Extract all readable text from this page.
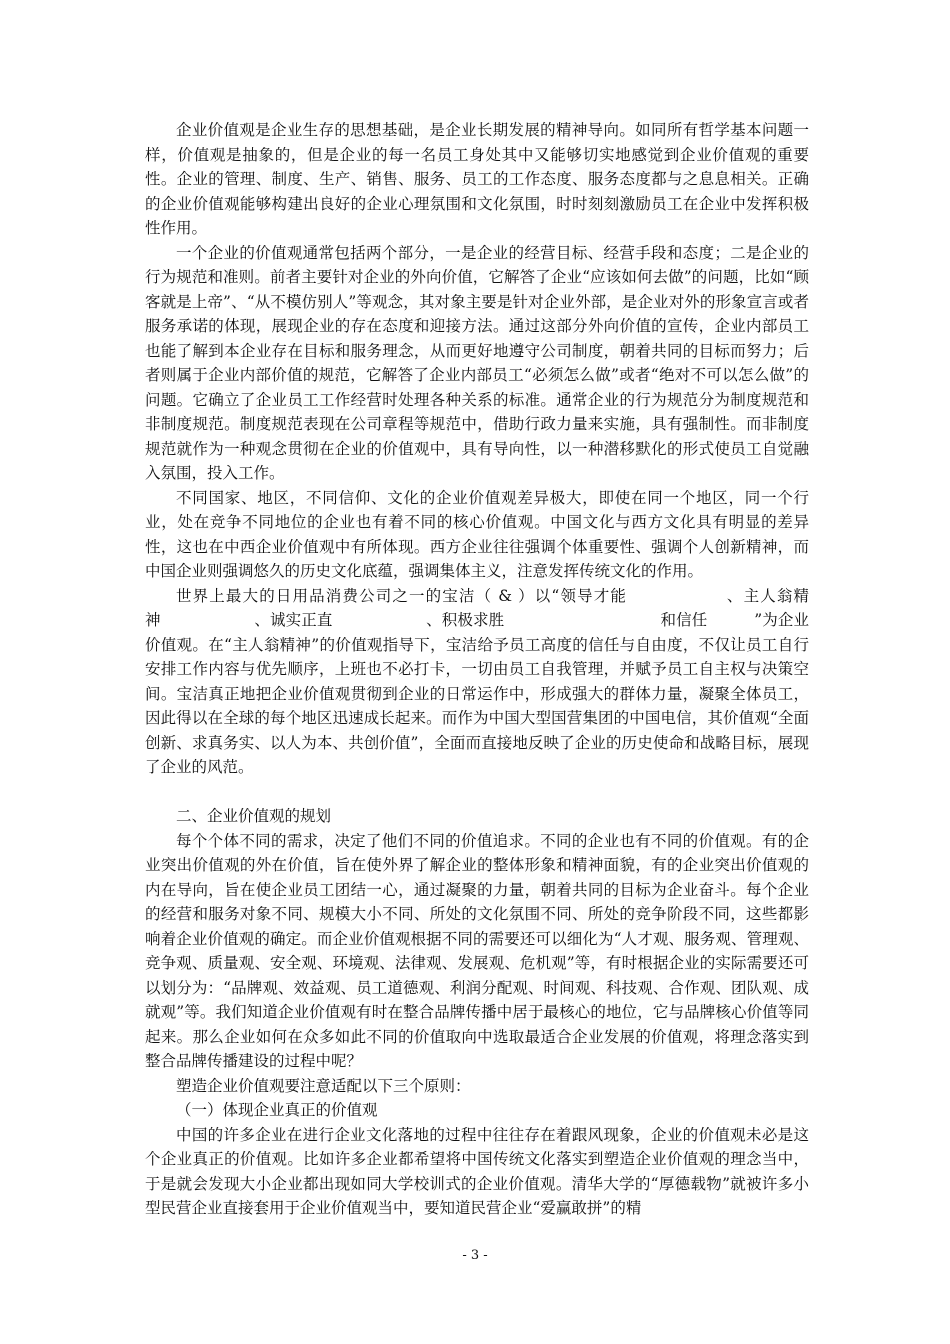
企业价值观是企业生存的思想基础，是企业长期发展的精神导向。如同所有哲学基本问题一样，价值观是抽象的，但是企业的每一名员工身处其中又能够切实地感觉到企业价值观的重要性。企业的管理、制度、生产、销售、服务、员工的工作态度、服务态度都与之息息相关。正确的企业价值观能够构建出良好的企业心理氛围和文化氛围，时时刻刻激励员工在企业中发挥积极性作用。

一个企业的价值观通常包括两个部分，一是企业的经营目标、经营手段和态度；二是企业的行为规范和准则。前者主要针对企业的外向价值，它解答了企业“应该如何去做”的问题，比如“顾客就是上帝”、“从不模仿别人”等观念，其对象主要是针对企业外部，是企业对外的形象宣言或者服务承诺的体现，展现企业的存在态度和迎接方法。通过这部分外向价值的宣传，企业内部员工也能了解到本企业存在目标和服务理念，从而更好地遵守公司制度，朝着共同的目标而努力；后者则属于企业内部价值的规范，它解答了企业内部员工“必须怎么做”或者“绝对不可以怎么做”的问题。它确立了企业员工工作经营时处理各种关系的标准。通常企业的行为规范分为制度规范和非制度规范。制度规范表现在公司章程等规范中，借助行政力量来实施，具有强制性。而非制度规范就作为一种观念贯彻在企业的价值观中，具有导向性，以一种潜移默化的形式使员工自觉融入氛围，投入工作。

不同国家、地区，不同信仰、文化的企业价值观差异极大，即使在同一个地区，同一个行业，处在竞争不同地位的企业也有着不同的核心价值观。中国文化与西方文化具有明显的差异性，这也在中西企业价值观中有所体现。西方企业往往强调个体重要性、强调个人创新精神，而中国企业则强调悠久的历史文化底蕴，强调集体主义，注意发挥传统文化的作用。

世界上最大的日用品消费公司之一的宝洁（ & ）以“领导才能　　　　　　、主人翁精神　　　　　　、诚实正直　　　　　　、积极求胜　　　　　　　　　　和信任　　　”为企业价值观。在“主人翁精神”的价值观指导下，宝洁给予员工高度的信任与自由度，不仅让员工自行安排工作内容与优先顺序，上班也不必打卡，一切由员工自我管理，并赋予员工自主权与决策空间。宝洁真正地把企业价值观贯彻到企业的日常运作中，形成强大的群体力量，凝聚全体员工，因此得以在全球的每个地区迅速成长起来。而作为中国大型国营集团的中国电信，其价值观“全面创新、求真务实、以人为本、共创价值”，全面而直接地反映了企业的历史使命和战略目标，展现了企业的风范。

二、企业价值观的规划

每个个体不同的需求，决定了他们不同的价值追求。不同的企业也有不同的价值观。有的企业突出价值观的外在价值，旨在使外界了解企业的整体形象和精神面貌，有的企业突出价值观的内在导向，旨在使企业员工团结一心，通过凝聚的力量，朝着共同的目标为企业奋斗。每个企业的经营和服务对象不同、规模大小不同、所处的文化氛围不同、所处的竞争阶段不同，这些都影响着企业价值观的确定。而企业价值观根据不同的需要还可以细化为“人才观、服务观、管理观、竞争观、质量观、安全观、环境观、法律观、发展观、危机观”等，有时根据企业的实际需要还可以划分为：“品牌观、效益观、员工道德观、利润分配观、时间观、科技观、合作观、团队观、成就观”等。我们知道企业价值观有时在整合品牌传播中居于最核心的地位，它与品牌核心价值等同起来。那么企业如何在众多如此不同的价值取向中选取最适合企业发展的价值观，将理念落实到整合品牌传播建设的过程中呢？

塑造企业价值观要注意适配以下三个原则：

（一）体现企业真正的价值观

中国的许多企业在进行企业文化落地的过程中往往存在着跟风现象，企业的价值观未必是这个企业真正的价值观。比如许多企业都希望将中国传统文化落实到塑造企业价值观的理念当中，于是就会发现大小企业都出现如同大学校训式的企业价值观。清华大学的“厚德载物”就被许多小型民营企业直接套用于企业价值观当中，要知道民营企业“爱赢敢拼”的精

- 3 -
